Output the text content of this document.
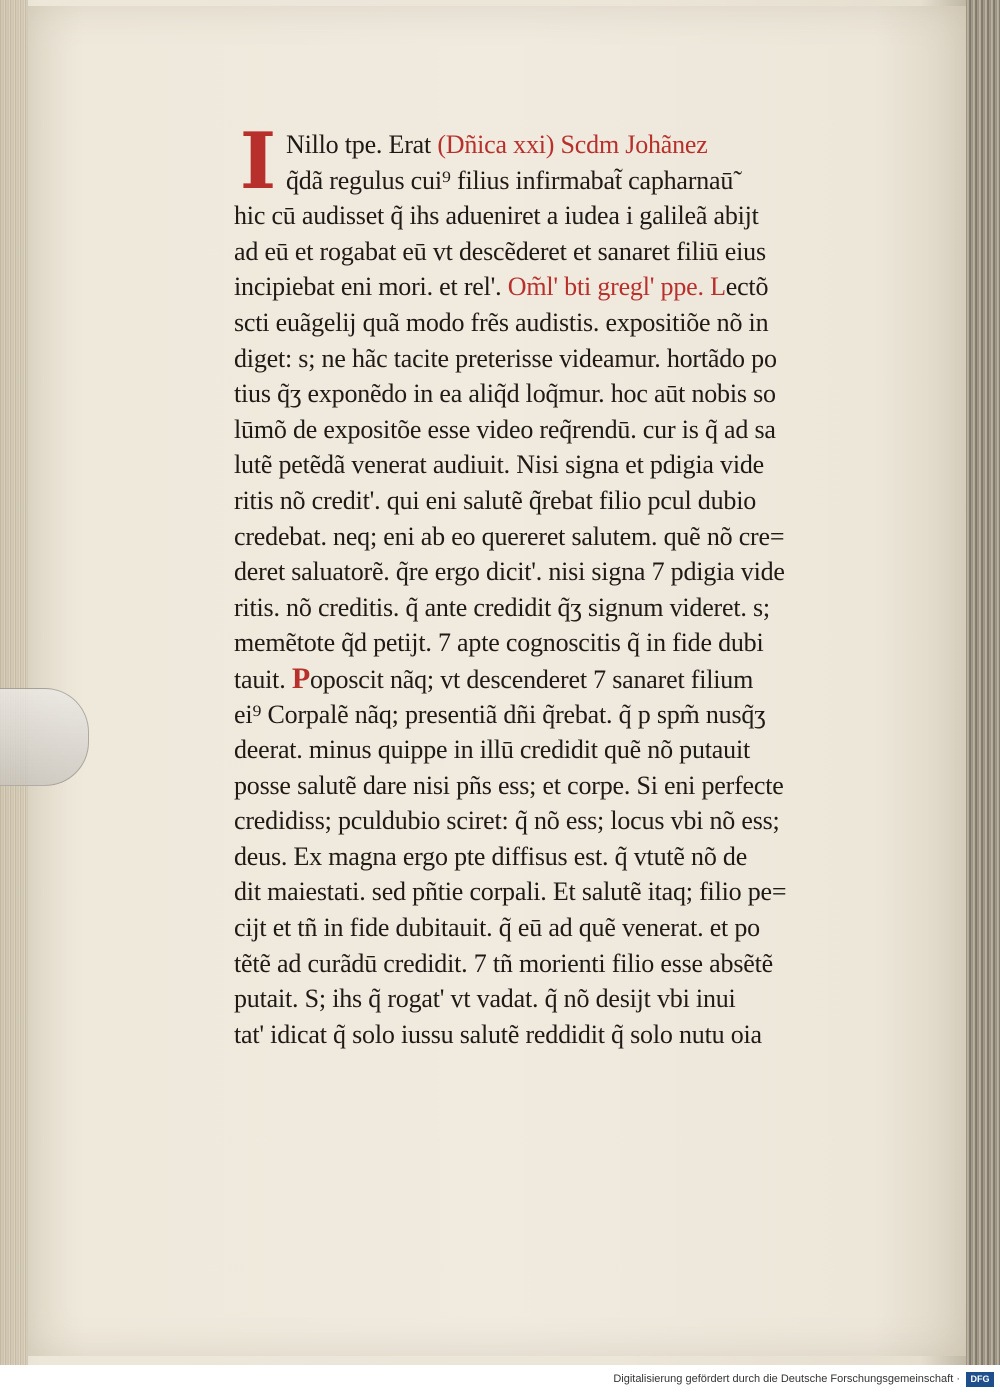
I Nillo tpe. Erat (Dñica xxi) Scdm Johãnez
q̃dã regulus cui⁹ filius infirmabat̃ capharnaū̃
hic cū audisset q̃ ihs adueniret a iudea i galileã abijt
ad eū et rogabat eū vt descẽderet et sanaret filiū eius
incipiebat eni mori. et rel'. Om̃l' bti gregl' ppe. Lectõ
scti euãgelij quã modo frẽs audistis. expositiõe nõ in
diget: s; ne hãc tacite preterisse videamur. hortãdo po
tius q̃ʒ exponẽdo in ea aliq̃d loq̃mur. hoc aūt nobis so
lūmõ de expositõe esse video req̃rendū. cur is q̃ ad sa
lutẽ petẽdã venerat audiuit. Nisi signa et pdigia vide
ritis nõ credit'. qui eni salutẽ q̃rebat filio pcul dubio
credebat. neq; eni ab eo quereret salutem. quẽ nõ cre=
deret saluatorẽ. q̃re ergo dicit'. nisi signa 7 pdigia vide
ritis. nõ creditis. q̃ ante credidit q̃ʒ signum videret. s;
memẽtote q̃d petijt. 7 apte cognoscitis q̃ in fide dubi
tauit. Poposcit nãq; vt descenderet 7 sanaret filium
ei⁹ Corpalẽ nãq; presentiã dñi q̃rebat. q̃ p spm̃ nusq̃ʒ
deerat. minus quippe in illū credidit quẽ nõ putauit
posse salutẽ dare nisi pñs ess; et corpe. Si eni perfecte
credidiss; pculdubio sciret: q̃ nõ ess; locus vbi nõ ess;
deus. Ex magna ergo pte diffisus est. q̃ vtutẽ nõ de
dit maiestati. sed pñtie corpali. Et salutẽ itaq; filio pe=
cijt et tñ in fide dubitauit. q̃ eū ad quẽ venerat. et po
tẽtẽ ad curãdū credidit. 7 tñ morienti filio esse absẽtẽ
putait. S; ihs q̃ rogat' vt vadat. q̃ nõ desijt vbi inui
tat' idicat q̃ solo iussu salutẽ reddidit q̃ solo nutu oia
Digitalisierung gefördert durch die Deutsche Forschungsgemeinschaft ·	DFG
